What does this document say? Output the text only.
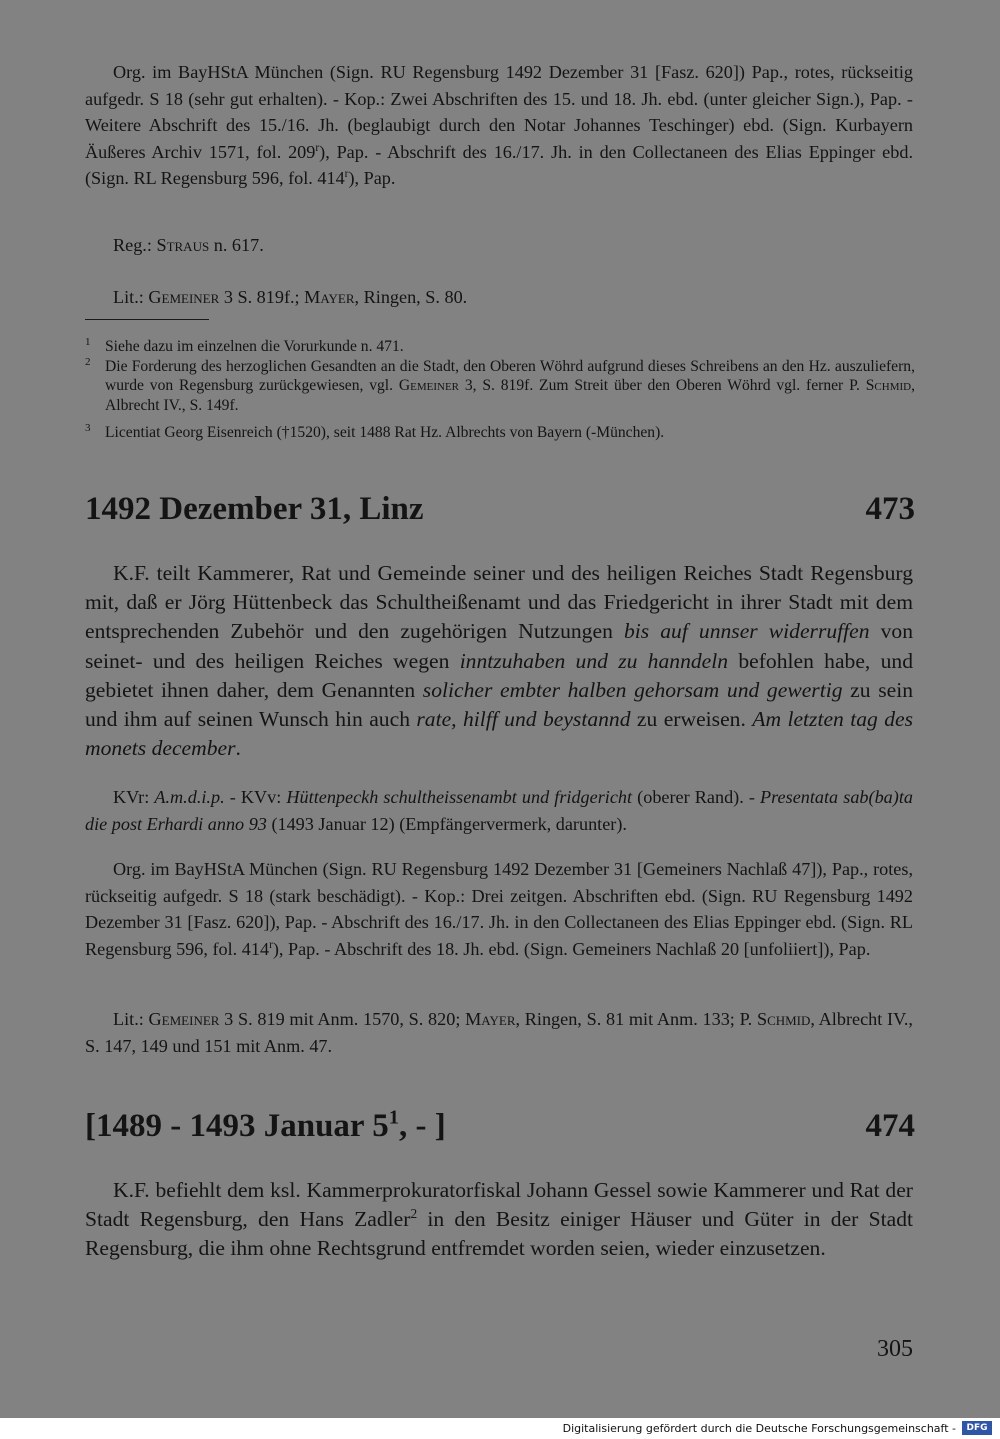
Org. im BayHStA München (Sign. RU Regensburg 1492 Dezember 31 [Fasz. 620]) Pap., rotes, rückseitig aufgedr. S 18 (sehr gut erhalten). - Kop.: Zwei Abschriften des 15. und 18. Jh. ebd. (unter gleicher Sign.), Pap. - Weitere Abschrift des 15./16. Jh. (beglaubigt durch den Notar Johannes Teschinger) ebd. (Sign. Kurbayern Äußeres Archiv 1571, fol. 209$^r$), Pap. - Abschrift des 16./17. Jh. in den Collectaneen des Elias Eppinger ebd. (Sign. RL Regensburg 596, fol. 414$^r$), Pap.

Reg.: Straus n. 617.

Lit.: Gemeiner 3 S. 819f.; Mayer, Ringen, S. 80.

1 Siehe dazu im einzelnen die Vorurkunde n. 471.
2 Die Forderung des herzoglichen Gesandten an die Stadt, den Oberen Wöhrd aufgrund dieses Schreibens an den Hz. auszuliefern, wurde von Regensburg zurückgewiesen, vgl. Gemeiner 3, S. 819f. Zum Streit über den Oberen Wöhrd vgl. ferner P. Schmid, Albrecht IV., S. 149f.
3 Licentiat Georg Eisenreich (†1520), seit 1488 Rat Hz. Albrechts von Bayern (-München).
1492 Dezember 31, Linz	473

K.F. teilt Kammerer, Rat und Gemeinde seiner und des heiligen Reiches Stadt Regensburg mit, daß er Jörg Hüttenbeck das Schultheißenamt und das Friedgericht in ihrer Stadt mit dem entsprechenden Zubehör und den zugehörigen Nutzungen bis auf unnser widerruffen von seinet- und des heiligen Reiches wegen inntzuhaben und zu hanndeln befohlen habe, und gebietet ihnen daher, dem Genannten solicher embter halben gehorsam und gewertig zu sein und ihm auf seinen Wunsch hin auch rate, hilff und beystannd zu erweisen. Am letzten tag des monets december.

KVr: A.m.d.i.p. - KVv: Hüttenpeckh schultheissenambt und fridgericht (oberer Rand). - Presentata sab(ba)ta die post Erhardi anno 93 (1493 Januar 12) (Empfängervermerk, darunter).

Org. im BayHStA München (Sign. RU Regensburg 1492 Dezember 31 [Gemeiners Nachlaß 47]), Pap., rotes, rückseitig aufgedr. S 18 (stark beschädigt). - Kop.: Drei zeitgen. Abschriften ebd. (Sign. RU Regensburg 1492 Dezember 31 [Fasz. 620]), Pap. - Abschrift des 16./17. Jh. in den Collectaneen des Elias Eppinger ebd. (Sign. RL Regensburg 596, fol. 414$^r$), Pap. - Abschrift des 18. Jh. ebd. (Sign. Gemeiners Nachlaß 20 [unfoliiert]), Pap.

Lit.: Gemeiner 3 S. 819 mit Anm. 1570, S. 820; Mayer, Ringen, S. 81 mit Anm. 133; P. Schmid, Albrecht IV., S. 147, 149 und 151 mit Anm. 47.

[1489 - 1493 Januar $5^1$, - ]	474

K.F. befiehlt dem ksl. Kammerprokuratorfiskal Johann Gessel sowie Kammerer und Rat der Stadt Regensburg, den Hans Zadler$^2$ in den Besitz einiger Häuser und Güter in der Stadt Regensburg, die ihm ohne Rechtsgrund entfremdet worden seien, wieder einzusetzen.

305
Digitalisierung gefördert durch die Deutsche Forschungsgemeinschaft - DFG
